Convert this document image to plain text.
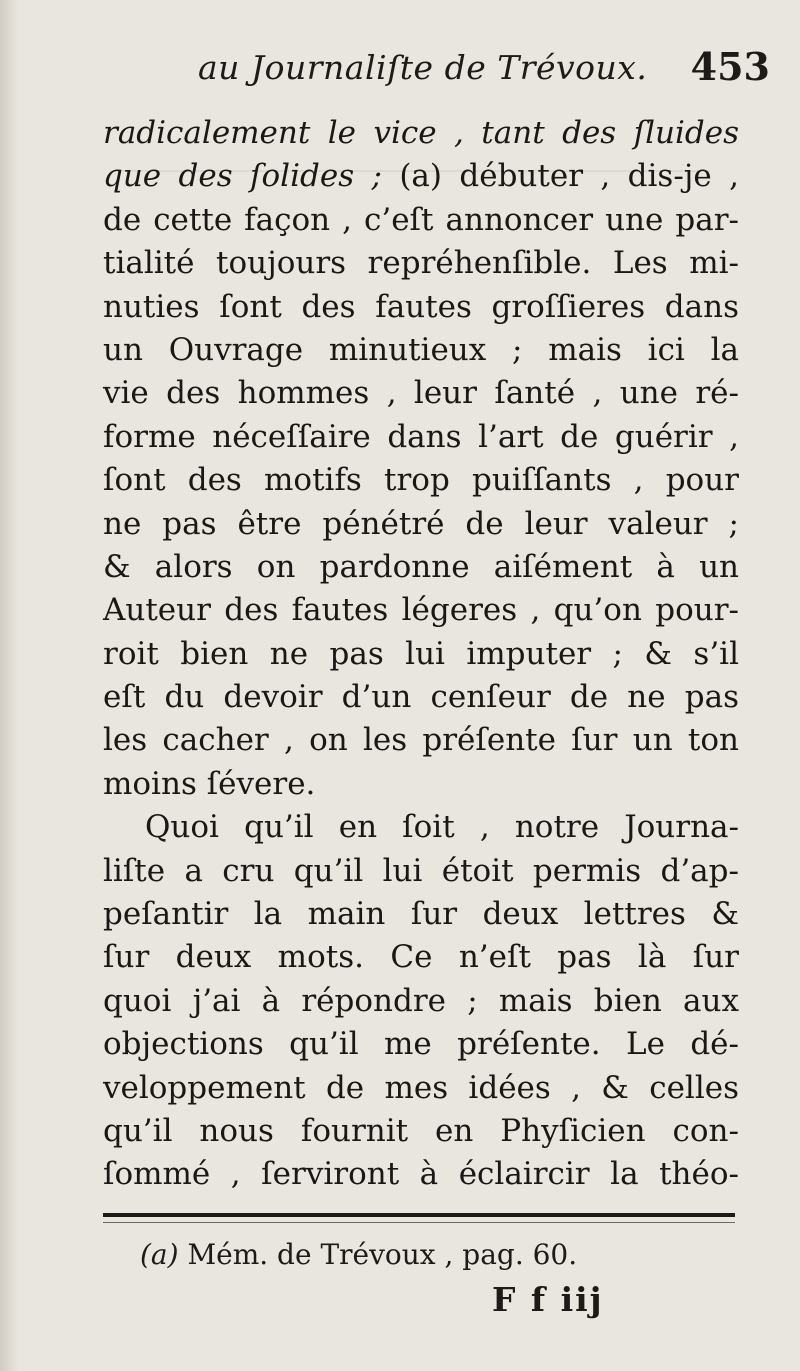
au Journaliſte de Trévoux. 453
radicalement le vice , tant des ſluides
que des ſolides ; (a) débuter , dis-je ,
de cette façon , c’eſt annoncer une par-
tialité toujours repréhenſible. Les mi-
nuties ſont des fautes groſſieres dans
un Ouvrage minutieux ; mais ici la
vie des hommes , leur ſanté , une ré-
forme néceſſaire dans l’art de guérir ,
ſont des motifs trop puiſſants , pour
ne pas être pénétré de leur valeur ;
& alors on pardonne aiſément à un
Auteur des fautes légeres , qu’on pour-
roit bien ne pas lui imputer ; & s’il
eſt du devoir d’un cenſeur de ne pas
les cacher , on les préſente ſur un ton
moins ſévere.
Quoi qu’il en ſoit , notre Journa-
liſte a cru qu’il lui étoit permis d’ap-
peſantir la main ſur deux lettres &
ſur deux mots. Ce n’eſt pas là ſur
quoi j’ai à répondre ; mais bien aux
objections qu’il me préſente. Le dé-
veloppement de mes idées , & celles
qu’il nous fournit en Phyſicien con-
ſommé , ſerviront à éclaircir la théo-
(a) Mém. de Trévoux , pag. 60.
F f iij
